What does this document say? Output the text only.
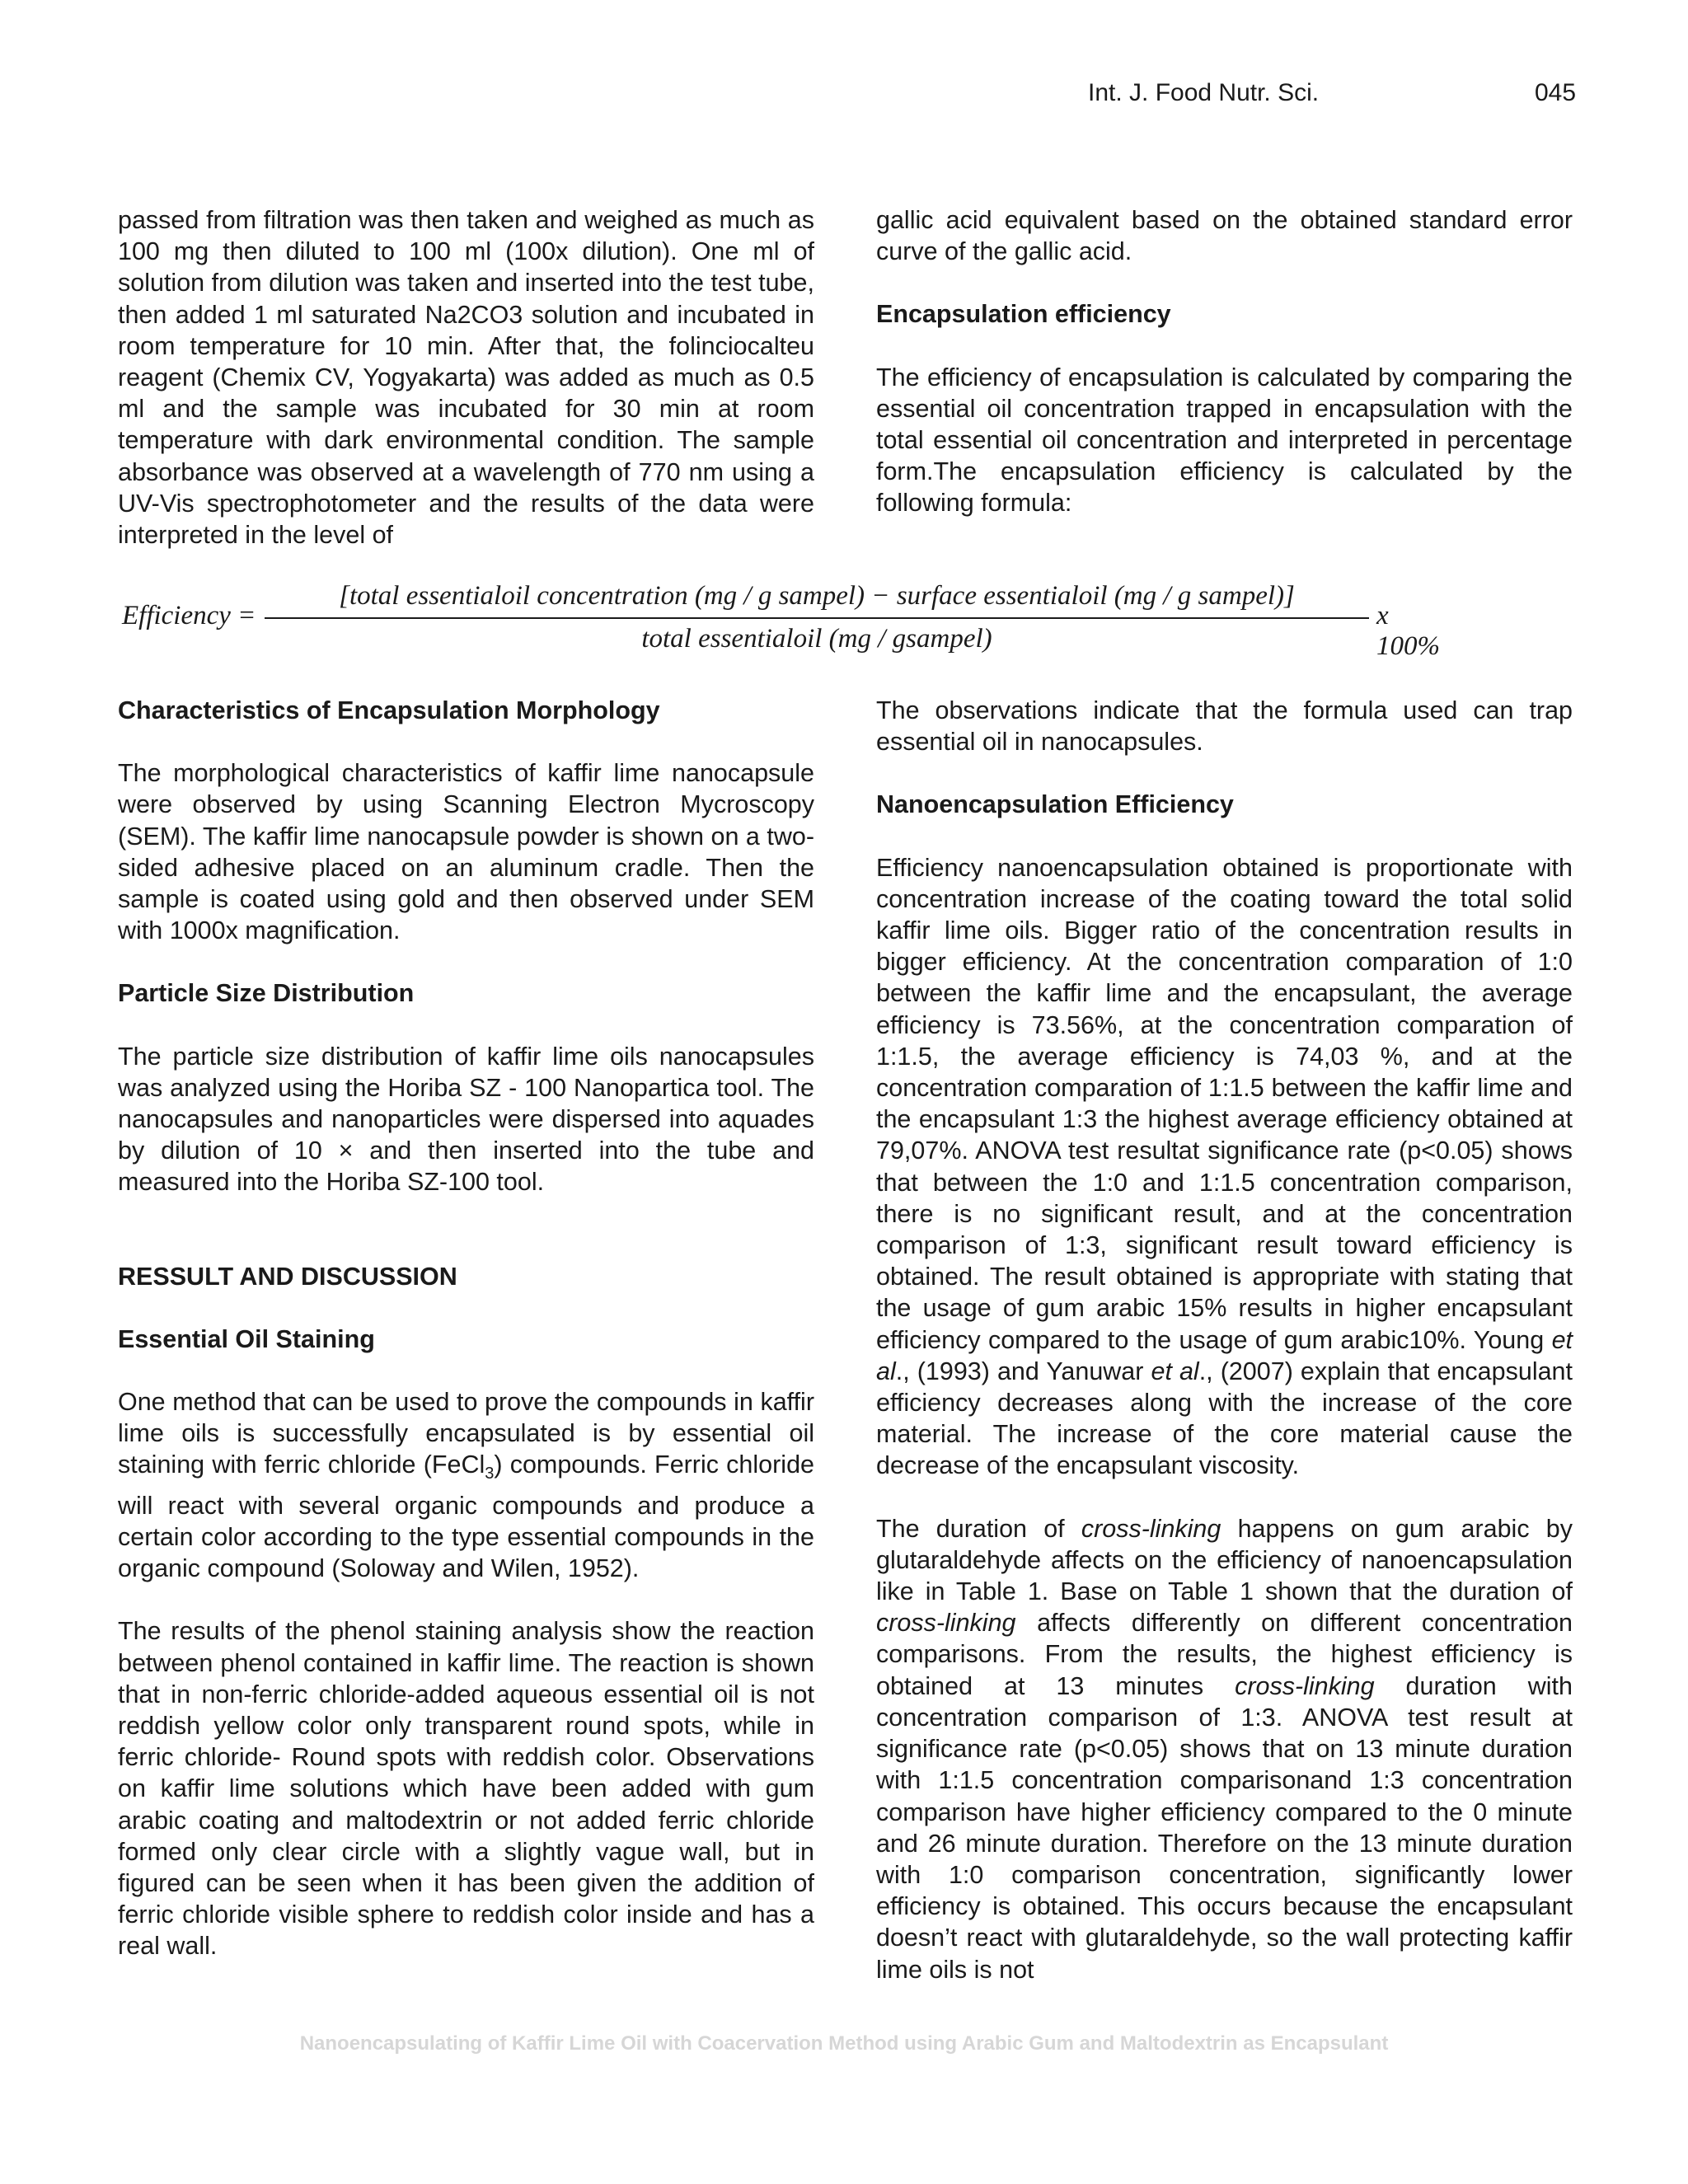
Int. J. Food Nutr. Sci.	045

passed from filtration was then taken and weighed as much as 100 mg then diluted to 100 ml (100x dilution). One ml of solution from dilution was taken and inserted into the test tube, then added 1 ml saturated Na2CO3 solution and incubated in room temperature for 10 min. After that, the folinciocalteu reagent (Chemix CV, Yogyakarta) was added as much as 0.5 ml and the sample was incubated for 30 min at room temperature with dark environmental condition. The sample absorbance was observed at a wavelength of 770 nm using a UV-Vis spectrophotometer and the results of the data were interpreted in the level of

gallic acid equivalent based on the obtained standard error curve of the gallic acid.

Encapsulation efficiency

The efficiency of encapsulation is calculated by comparing the essential oil concentration trapped in encapsulation with the total essential oil concentration and interpreted in percentage form.The encapsulation efficiency is calculated by the following formula:

Efficiency =
[total essentialoil concentration (mg / g sampel) − surface essentialoil (mg / g sampel)]
total essentialoil (mg / gsampel)
x 100%
Characteristics of Encapsulation Morphology

The morphological characteristics of kaffir lime nanocapsule were observed by using Scanning Electron Mycroscopy (SEM). The kaffir lime nanocapsule powder is shown on a two-sided adhesive placed on an aluminum cradle. Then the sample is coated using gold and then observed under SEM with 1000x magnification.

Particle Size Distribution

The particle size distribution of kaffir lime oils nanocapsules was analyzed using the Horiba SZ - 100 Nanopartica tool. The nanocapsules and nanoparticles were dispersed into aquades by dilution of 10 × and then inserted into the tube and measured into the Horiba SZ-100 tool.

RESSULT AND DISCUSSION
Essential Oil Staining

One method that can be used to prove the compounds in kaffir lime oils is successfully encapsulated is by essential oil staining with ferric chloride (FeCl$_3$) compounds. Ferric chloride will react with several organic compounds and produce a certain color according to the type essential compounds in the organic compound (Soloway and Wilen, 1952).

The results of the phenol staining analysis show the reaction between phenol contained in kaffir lime. The reaction is shown that in non-ferric chloride-added aqueous essential oil is not reddish yellow color only transparent round spots, while in ferric chloride- Round spots with reddish color. Observations on kaffir lime solutions which have been added with gum arabic coating and maltodextrin or not added ferric chloride formed only clear circle with a slightly vague wall, but in figured can be seen when it has been given the addition of ferric chloride visible sphere to reddish color inside and has a real wall.

The observations indicate that the formula used can trap essential oil in nanocapsules.

Nanoencapsulation Efficiency

Efficiency nanoencapsulation obtained is proportionate with concentration increase of the coating toward the total solid kaffir lime oils. Bigger ratio of the concentration results in bigger efficiency. At the concentration comparation of 1:0 between the kaffir lime and the encapsulant, the average efficiency is 73.56%, at the concentration comparation of 1:1.5, the average efficiency is 74,03 %, and at the concentration comparation of 1:1.5 between the kaffir lime and the encapsulant 1:3 the highest average efficiency obtained at 79,07%. ANOVA test resultat significance rate (p<0.05) shows that between the 1:0 and 1:1.5 concentration comparison, there is no significant result, and at the concentration comparison of 1:3, significant result toward efficiency is obtained. The result obtained is appropriate with stating that the usage of gum arabic 15% results in higher encapsulant efficiency compared to the usage of gum arabic10%. Young et al., (1993) and Yanuwar et al., (2007) explain that encapsulant efficiency decreases along with the increase of the core material. The increase of the core material cause the decrease of the encapsulant viscosity.

The duration of cross-linking happens on gum arabic by glutaraldehyde affects on the efficiency of nanoencapsulation like in Table 1. Base on Table 1 shown that the duration of cross-linking affects differently on different concentration comparisons. From the results, the highest efficiency is obtained at 13 minutes cross-linking duration with concentration comparison of 1:3. ANOVA test result at significance rate (p<0.05) shows that on 13 minute duration with 1:1.5 concentration comparisonand 1:3 concentration comparison have higher efficiency compared to the 0 minute and 26 minute duration. Therefore on the 13 minute duration with 1:0 comparison concentration, significantly lower efficiency is obtained. This occurs because the encapsulant doesn’t react with glutaraldehyde, so the wall protecting kaffir lime oils is not

Nanoencapsulating of Kaffir Lime Oil with Coacervation Method using Arabic Gum and Maltodextrin as Encapsulant
